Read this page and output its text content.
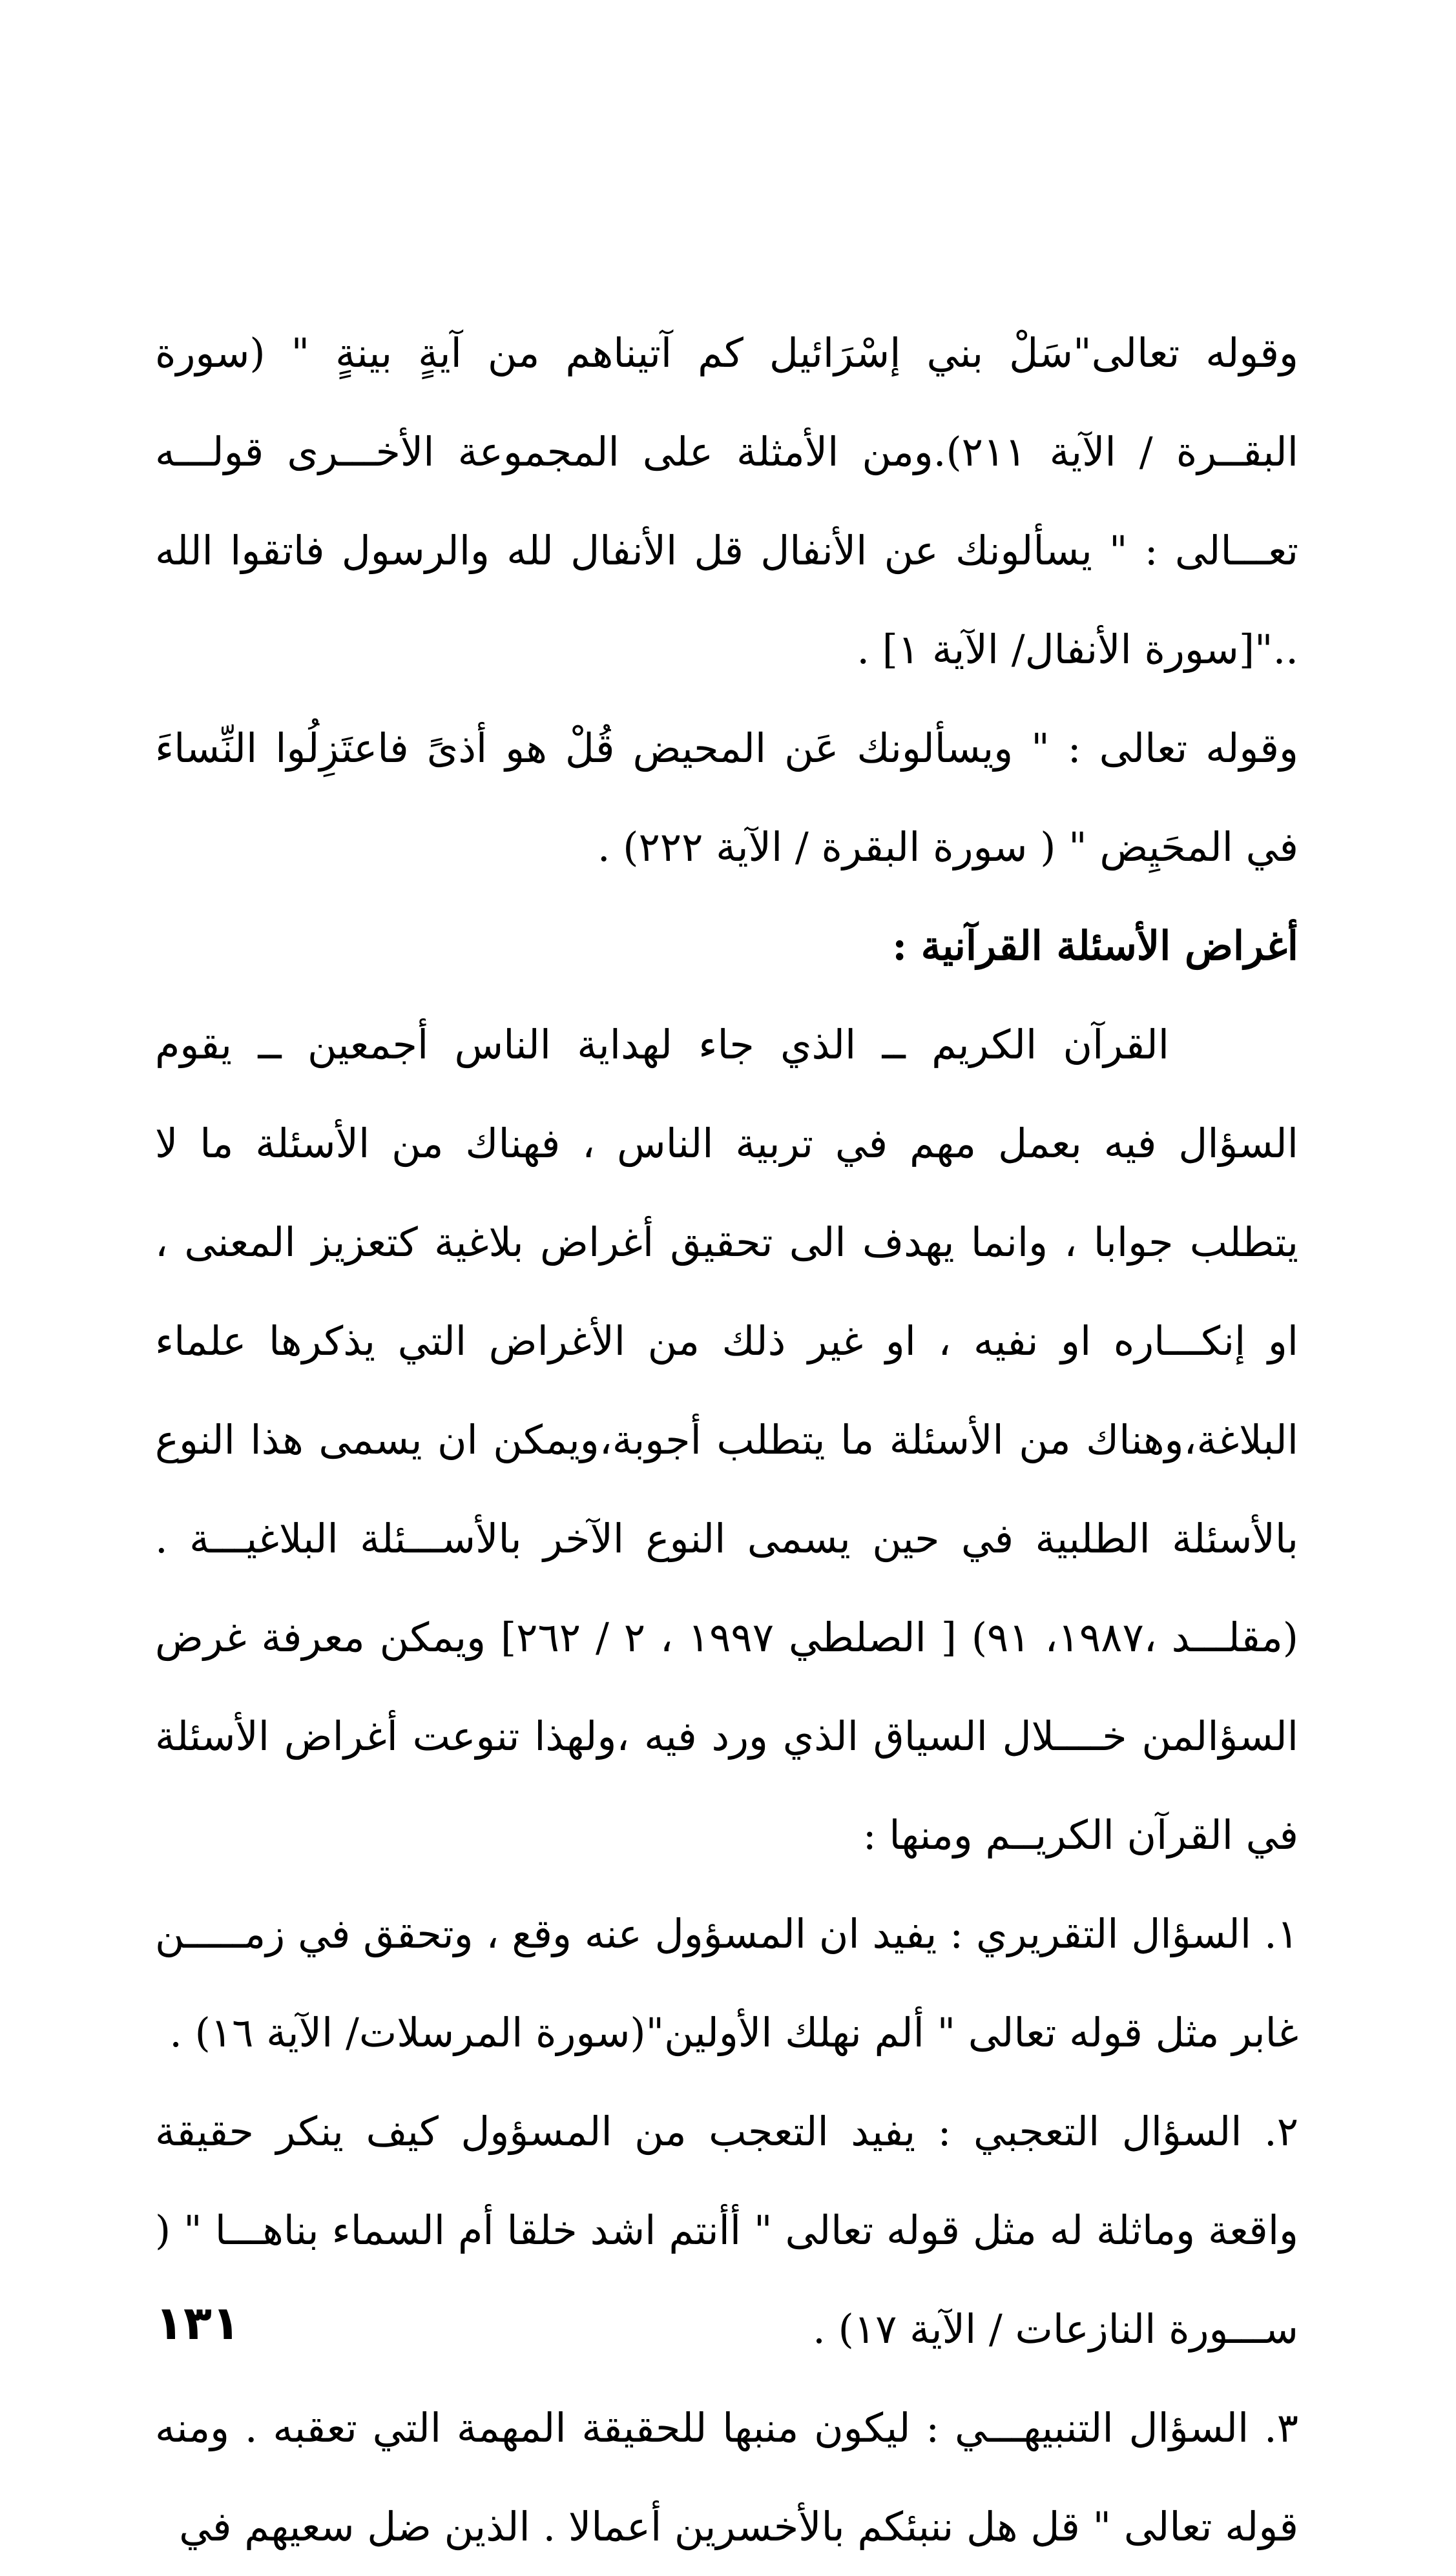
وقوله تعالى"سَلْ بني إسْرَائيل كم آتيناهم من آيةٍ بينةٍ " (سورة البقــرة / الآية ٢١١).ومن الأمثلة على المجموعة الأخـــرى قولـــه تعـــالى : " يسألونك عن الأنفال قل الأنفال لله والرسول فاتقوا الله .."[سورة الأنفال/ الآية ١] .

وقوله تعالى : " ويسألونك عَن المحيض قُلْ هو أذىً فاعتَزِلُوا النِّساءَ في المحَيِض " ( سورة البقرة / الآية ٢٢٢) .

أغراض الأسئلة القرآنية :

القرآن الكريم ــ الذي جاء لهداية الناس أجمعين ــ يقوم السؤال فيه بعمل مهم في تربية الناس ، فهناك من الأسئلة ما لا يتطلب جوابا ، وانما يهدف الى تحقيق أغراض بلاغية كتعزيز المعنى ، او إنكـــاره او نفيه ، او غير ذلك من الأغراض التي يذكرها علماء البلاغة،وهناك من الأسئلة ما يتطلب أجوبة،ويمكن ان يسمى هذا النوع بالأسئلة الطلبية في حين يسمى النوع الآخر بالأســـئلة البلاغيـــة . (مقلـــد ،١٩٨٧، ٩١) [ الصلطي ١٩٩٧ ، ٢ / ٢٦٢] ويمكن معرفة غرض السؤالمن خــــلال السياق الذي ورد فيه ،ولهذا تنوعت أغراض الأسئلة في القرآن الكريــم ومنها :

١. السؤال التقريري : يفيد ان المسؤول عنه وقع ، وتحقق في زمـــــن غابر مثل قوله تعالى " ألم نهلك الأولين"(سورة المرسلات/ الآية ١٦) .

٢. السؤال التعجبي : يفيد التعجب من المسؤول كيف ينكر حقيقة واقعة وماثلة له مثل قوله تعالى " أأنتم اشد خلقا أم السماء بناهـــا " ( ســـورة النازعات / الآية ١٧) .

٣. السؤال التنبيهـــي : ليكون منبها للحقيقة المهمة التي تعقبه . ومنه قوله تعالى " قل هل ننبئكم بالأخسرين أعمالا . الذين ضل سعيهم في

١٣١
